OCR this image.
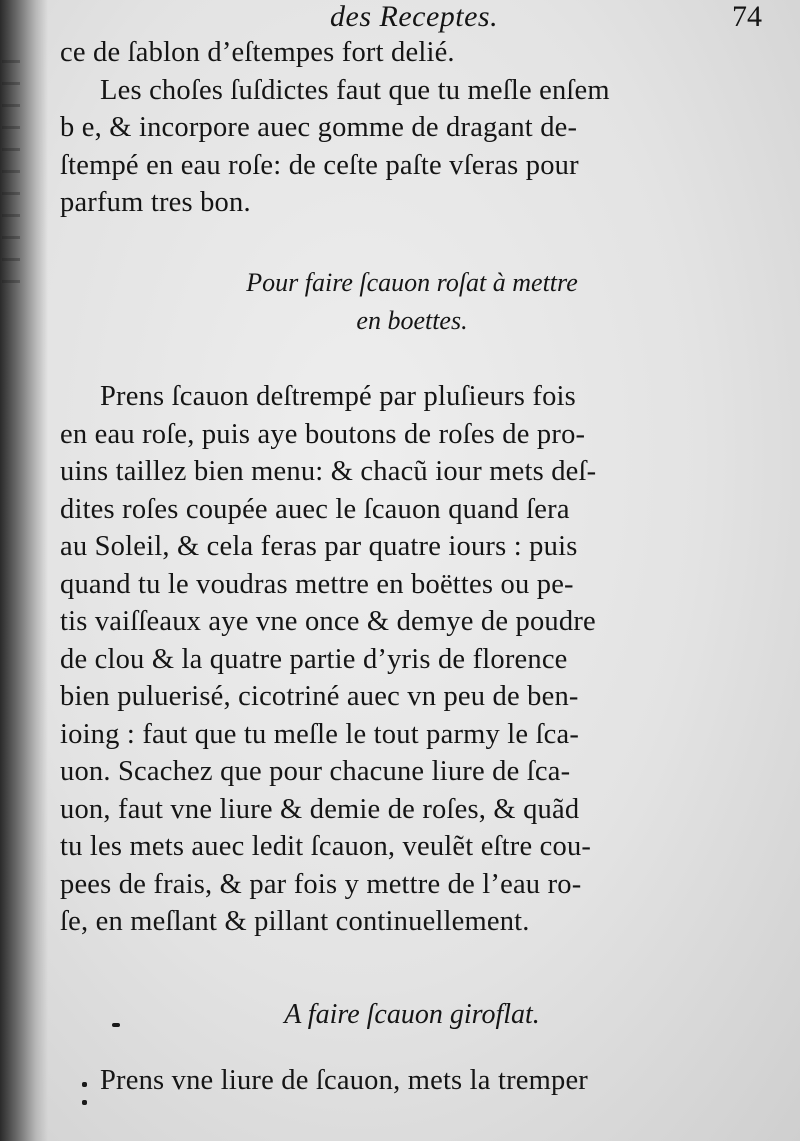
des Receptes.	74
ce de ſablon d’eſtempes fort delié.
Les choſes ſuſdictes faut que tu meſle enſem
b e, & incorpore auec gomme de dragant de-
ſtempé en eau roſe: de ceſte paſte vſeras pour
parfum tres bon.
Pour faire ſcauon roſat à mettre
en boettes.
Prens ſcauon deſtrempé par pluſieurs fois
en eau roſe, puis aye boutons de roſes de pro-
uins taillez bien menu: & chacũ iour mets deſ-
dites roſes coupée auec le ſcauon quand ſera
au Soleil, & cela feras par quatre iours : puis
quand tu le voudras mettre en boëttes ou pe-
tis vaiſſeaux aye vne once & demye de poudre
de clou & la quatre partie d’yris de florence
bien puluerisé, cicotriné auec vn peu de ben-
ioing : faut que tu meſle le tout parmy le ſca-
uon. Scachez que pour chacune liure de ſca-
uon, faut vne liure & demie de roſes, & quãd
tu les mets auec ledit ſcauon, veulẽt eſtre cou-
pees de frais, & par fois y mettre de l’eau ro-
ſe, en meſlant & pillant continuellement.
A faire ſcauon giroflat.
Prens vne liure de ſcauon, mets la tremper
